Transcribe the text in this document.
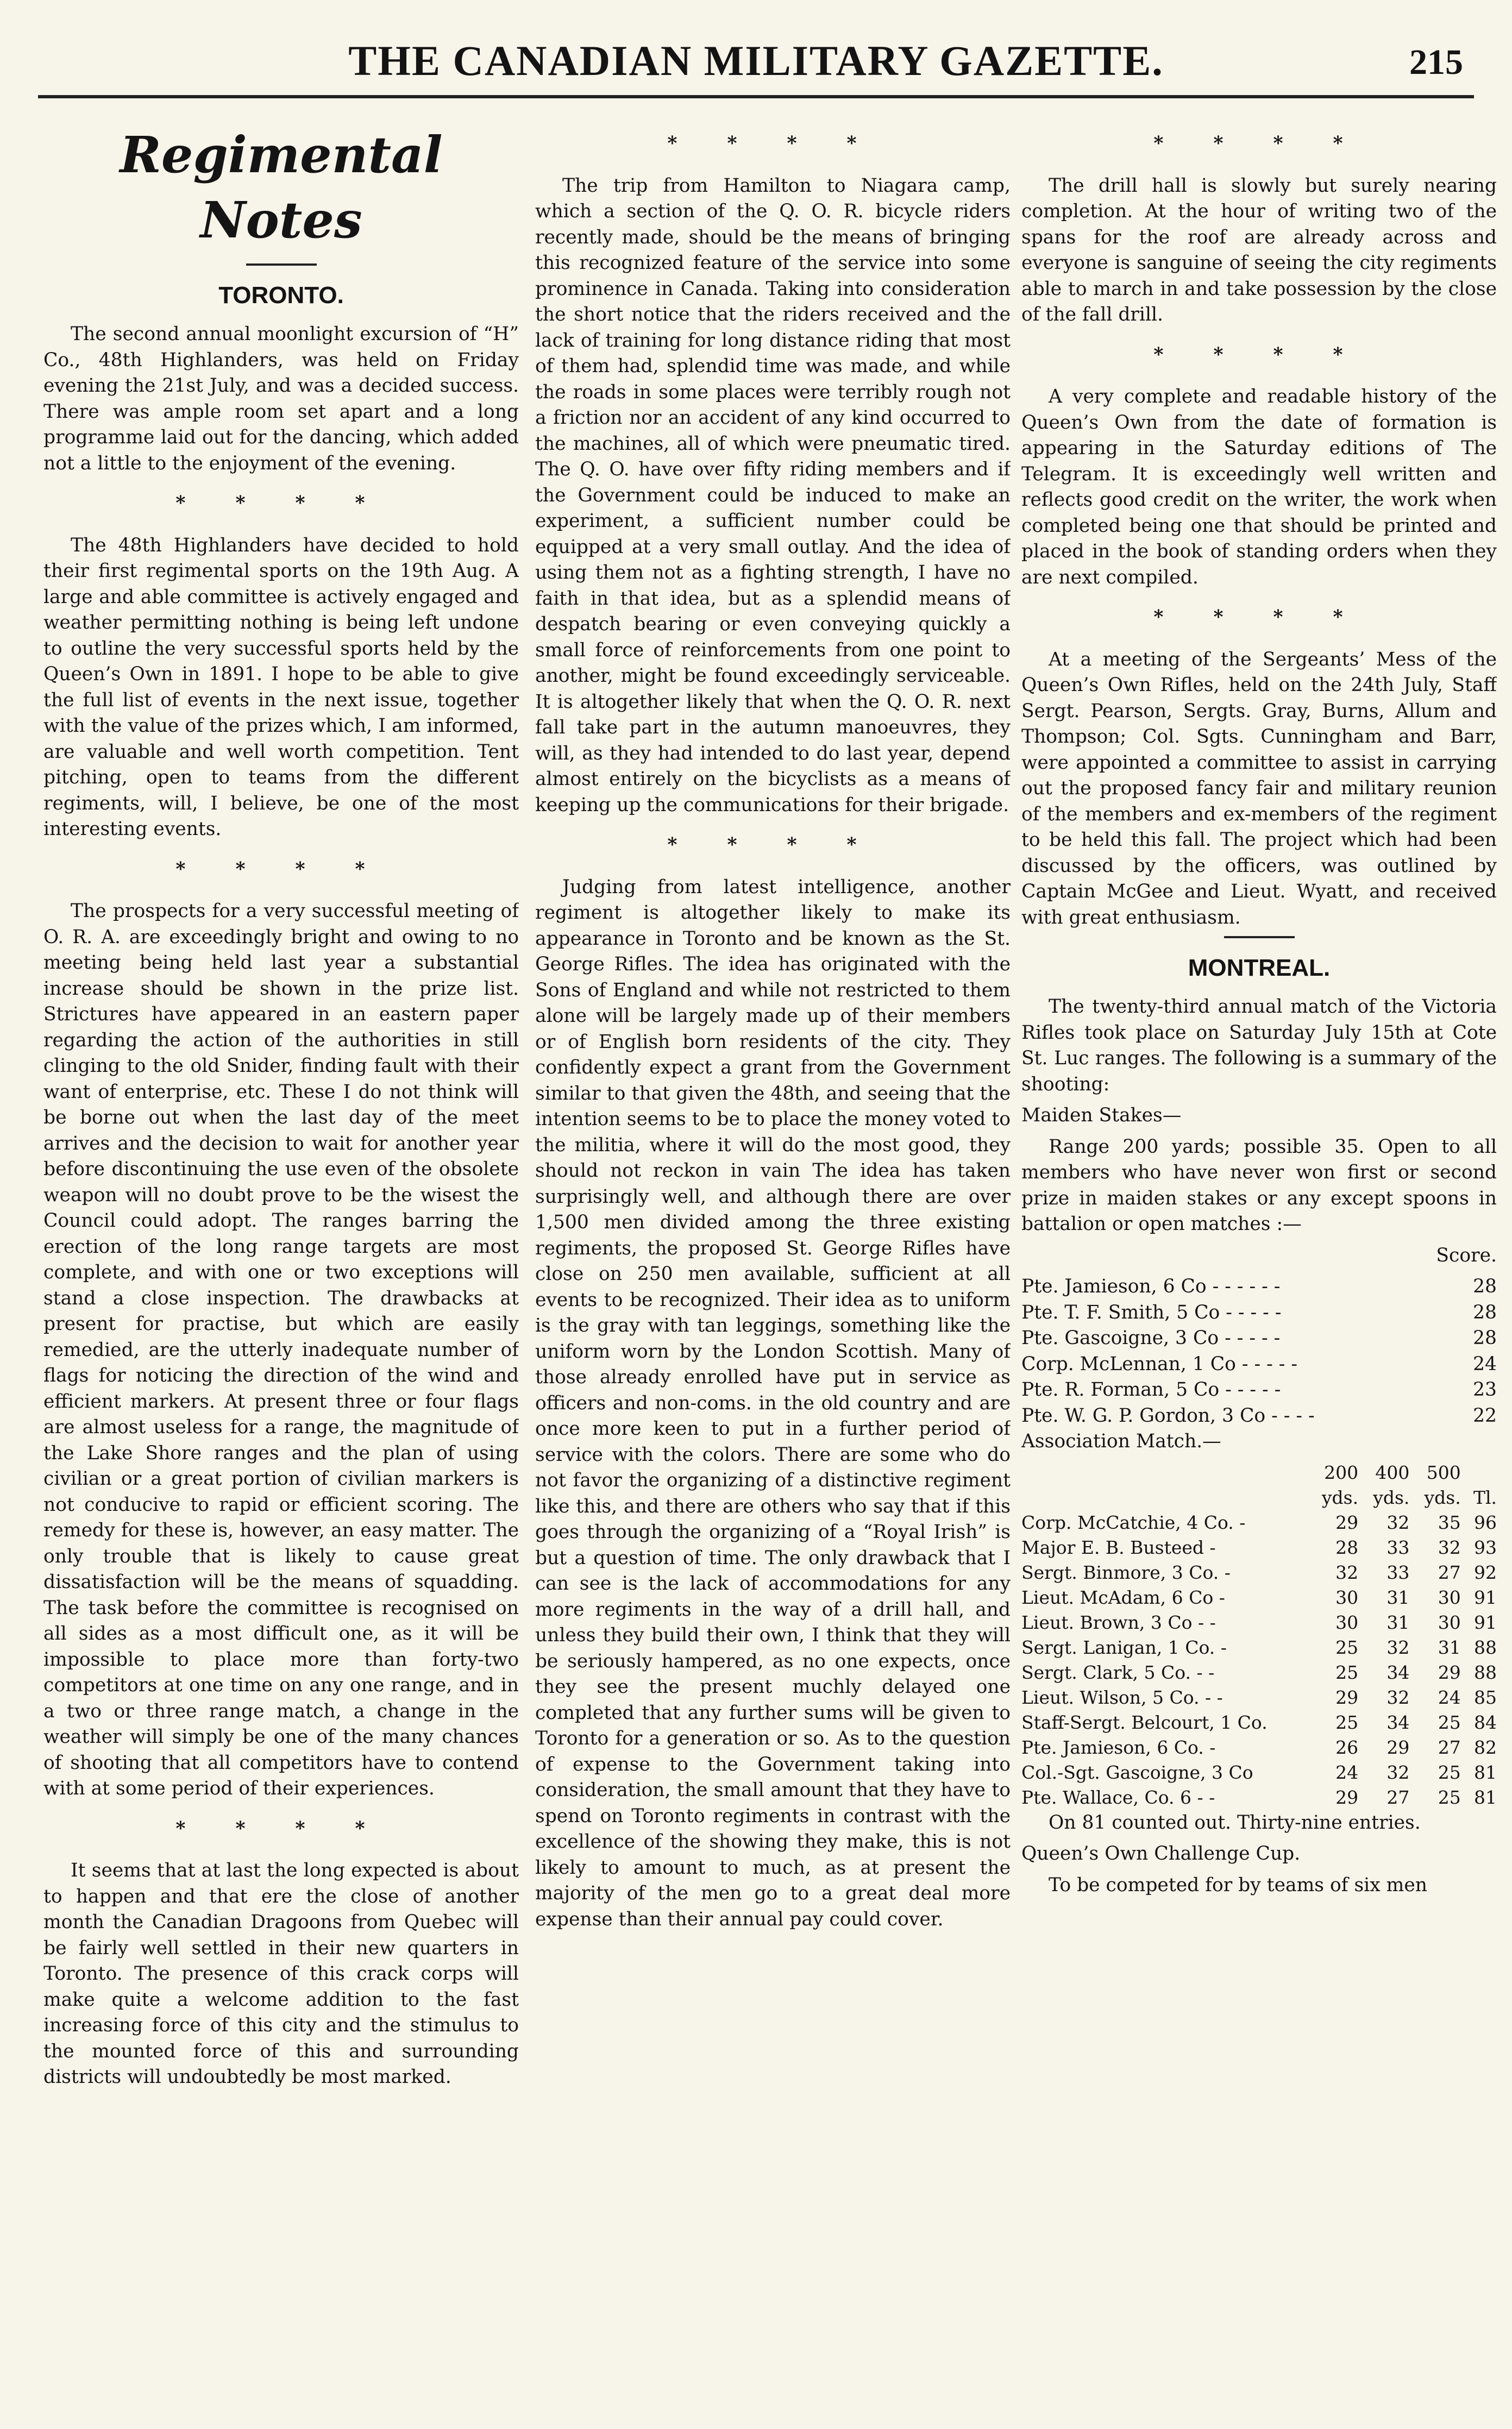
THE CANADIAN MILITARY GAZETTE.	215
Regimental Notes
TORONTO.

The second annual moonlight excursion of “H” Co., 48th Highlanders, was held on Friday evening the 21st July, and was a decided success. There was ample room set apart and a long programme laid out for the dancing, which added not a little to the enjoyment of the evening.

* * * *

The 48th Highlanders have decided to hold their first regimental sports on the 19th Aug. A large and able committee is actively engaged and weather permitting nothing is being left undone to outline the very successful sports held by the Queen’s Own in 1891. I hope to be able to give the full list of events in the next issue, together with the value of the prizes which, I am informed, are valuable and well worth competition. Tent pitching, open to teams from the different regiments, will, I believe, be one of the most interesting events.

* * * *

The prospects for a very successful meeting of O. R. A. are exceedingly bright and owing to no meeting being held last year a substantial increase should be shown in the prize list. Strictures have appeared in an eastern paper regarding the action of the authorities in still clinging to the old Snider, finding fault with their want of enterprise, etc. These I do not think will be borne out when the last day of the meet arrives and the decision to wait for another year before discontinuing the use even of the obsolete weapon will no doubt prove to be the wisest the Council could adopt. The ranges barring the erection of the long range targets are most complete, and with one or two exceptions will stand a close inspection. The drawbacks at present for practise, but which are easily remedied, are the utterly inadequate number of flags for noticing the direction of the wind and efficient markers. At present three or four flags are almost useless for a range, the magnitude of the Lake Shore ranges and the plan of using civilian or a great portion of civilian markers is not conducive to rapid or efficient scoring. The remedy for these is, however, an easy matter. The only trouble that is likely to cause great dissatisfaction will be the means of squadding. The task before the committee is recognised on all sides as a most difficult one, as it will be impossible to place more than forty-two competitors at one time on any one range, and in a two or three range match, a change in the weather will simply be one of the many chances of shooting that all competitors have to contend with at some period of their experiences.

* * * *

It seems that at last the long expected is about to happen and that ere the close of another month the Canadian Dragoons from Quebec will be fairly well settled in their new quarters in Toronto. The presence of this crack corps will make quite a welcome addition to the fast increasing force of this city and the stimulus to the mounted force of this and surrounding districts will undoubtedly be most marked.

* * * *

The trip from Hamilton to Niagara camp, which a section of the Q. O. R. bicycle riders recently made, should be the means of bringing this recognized feature of the service into some prominence in Canada. Taking into consideration the short notice that the riders received and the lack of training for long distance riding that most of them had, splendid time was made, and while the roads in some places were terribly rough not a friction nor an accident of any kind occurred to the machines, all of which were pneumatic tired. The Q. O. have over fifty riding members and if the Government could be induced to make an experiment, a sufficient number could be equipped at a very small outlay. And the idea of using them not as a fighting strength, I have no faith in that idea, but as a splendid means of despatch bearing or even conveying quickly a small force of reinforcements from one point to another, might be found exceedingly serviceable. It is altogether likely that when the Q. O. R. next fall take part in the autumn manoeuvres, they will, as they had intended to do last year, depend almost entirely on the bicyclists as a means of keeping up the communications for their brigade.

* * * *

Judging from latest intelligence, another regiment is altogether likely to make its appearance in Toronto and be known as the St. George Rifles. The idea has originated with the Sons of England and while not restricted to them alone will be largely made up of their members or of English born residents of the city. They confidently expect a grant from the Government similar to that given the 48th, and seeing that the intention seems to be to place the money voted to the militia, where it will do the most good, they should not reckon in vain The idea has taken surprisingly well, and although there are over 1,500 men divided among the three existing regiments, the proposed St. George Rifles have close on 250 men available, sufficient at all events to be recognized. Their idea as to uniform is the gray with tan leggings, something like the uniform worn by the London Scottish. Many of those already enrolled have put in service as officers and non-coms. in the old country and are once more keen to put in a further period of service with the colors. There are some who do not favor the organizing of a distinctive regiment like this, and there are others who say that if this goes through the organizing of a “Royal Irish” is but a question of time. The only drawback that I can see is the lack of accommodations for any more regiments in the way of a drill hall, and unless they build their own, I think that they will be seriously hampered, as no one expects, once they see the present muchly delayed one completed that any further sums will be given to Toronto for a generation or so. As to the question of expense to the Government taking into consideration, the small amount that they have to spend on Toronto regiments in contrast with the excellence of the showing they make, this is not likely to amount to much, as at present the majority of the men go to a great deal more expense than their annual pay could cover.

* * * *

The drill hall is slowly but surely nearing completion. At the hour of writing two of the spans for the roof are already across and everyone is sanguine of seeing the city regiments able to march in and take possession by the close of the fall drill.

* * * *

A very complete and readable history of the Queen’s Own from the date of formation is appearing in the Saturday editions of The Telegram. It is exceedingly well written and reflects good credit on the writer, the work when completed being one that should be printed and placed in the book of standing orders when they are next compiled.

* * * *

At a meeting of the Sergeants’ Mess of the Queen’s Own Rifles, held on the 24th July, Staff Sergt. Pearson, Sergts. Gray, Burns, Allum and Thompson; Col. Sgts. Cunningham and Barr, were appointed a committee to assist in carrying out the proposed fancy fair and military reunion of the members and ex-members of the regiment to be held this fall. The project which had been discussed by the officers, was outlined by Captain McGee and Lieut. Wyatt, and received with great enthusiasm.

MONTREAL.

The twenty-third annual match of the Victoria Rifles took place on Saturday July 15th at Cote St. Luc ranges. The following is a summary of the shooting:

Maiden Stakes—

Range 200 yards; possible 35. Open to all members who have never won first or second prize in maiden stakes or any except spoons in battalion or open matches :—

Score.

Pte. Jamieson, 6 Co - - - - - -	28
Pte. T. F. Smith, 5 Co - - - - -	28
Pte. Gascoigne, 3 Co - - - - -	28
Corp. McLennan, 1 Co - - - - -	24
Pte. R. Forman, 5 Co - - - - -	23
Pte. W. G. P. Gordon, 3 Co - - - -	22

Association Match.—

	200	400	500	
	yds.	yds.	yds.	Tl.
Corp. McCatchie, 4 Co. -	29	32	35	96
Major E. B. Busteed -	28	33	32	93
Sergt. Binmore, 3 Co. -	32	33	27	92
Lieut. McAdam, 6 Co -	30	31	30	91
Lieut. Brown, 3 Co - -	30	31	30	91
Sergt. Lanigan, 1 Co. -	25	32	31	88
Sergt. Clark, 5 Co. - -	25	34	29	88
Lieut. Wilson, 5 Co. - -	29	32	24	85
Staff-Sergt. Belcourt, 1 Co.	25	34	25	84
Pte. Jamieson, 6 Co. -	26	29	27	82
Col.-Sgt. Gascoigne, 3 Co	24	32	25	81
Pte. Wallace, Co. 6 - -	29	27	25	81

On 81 counted out. Thirty-nine entries.

Queen’s Own Challenge Cup.

To be competed for by teams of six men
